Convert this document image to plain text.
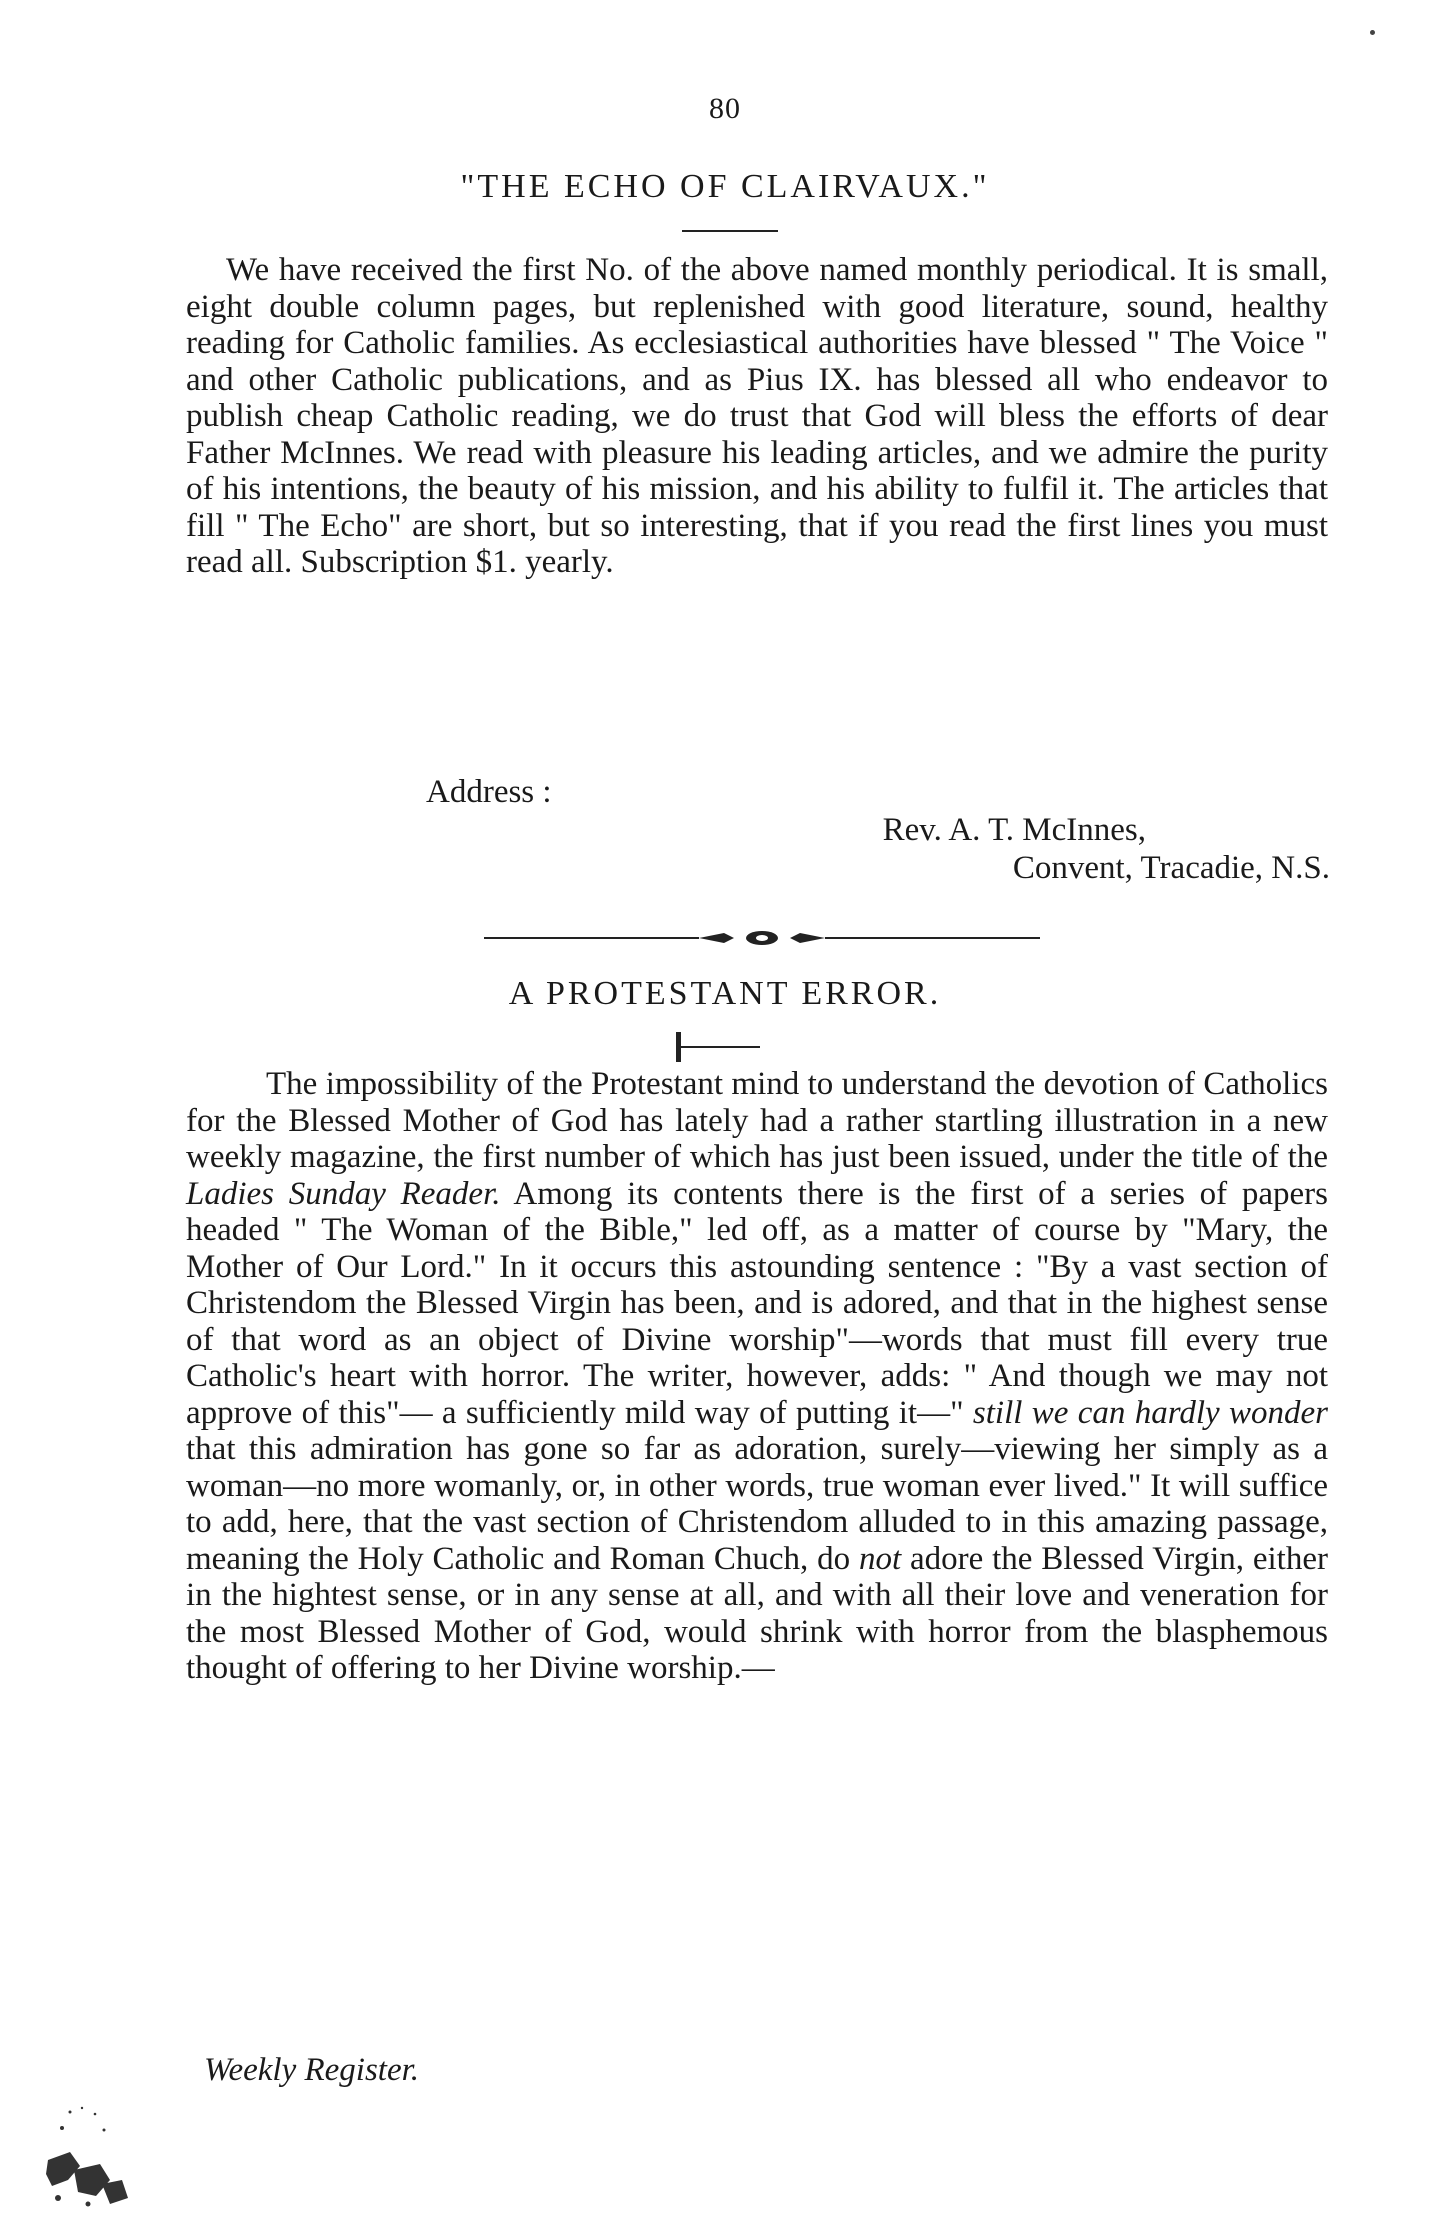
80
"THE ECHO OF CLAIRVAUX."
We have received the first No. of the above named monthly periodical. It is small, eight double column pages, but replenished with good literature, sound, healthy reading for Catholic families. As ecclesiastical authorities have blessed " The Voice " and other Catholic publications, and as Pius IX. has blessed all who endeavor to publish cheap Catholic reading, we do trust that God will bless the efforts of dear Father McInnes. We read with pleasure his leading articles, and we admire the purity of his intentions, the beauty of his mission, and his ability to fulfil it. The articles that fill " The Echo" are short, but so interesting, that if you read the first lines you must read all. Subscription $1. yearly.
Address :
Rev. A. T. McInnes,
Convent, Tracadie, N.S.
A PROTESTANT ERROR.
The impossibility of the Protestant mind to understand the devotion of Catholics for the Blessed Mother of God has lately had a rather startling illustration in a new weekly magazine, the first number of which has just been issued, under the title of the Ladies Sunday Reader. Among its contents there is the first of a series of papers headed " The Woman of the Bible," led off, as a matter of course by "Mary, the Mother of Our Lord." In it occurs this astounding sentence : "By a vast section of Christendom the Blessed Virgin has been, and is adored, and that in the highest sense of that word as an object of Divine worship"—words that must fill every true Catholic's heart with horror. The writer, however, adds: " And though we may not approve of this"— a sufficiently mild way of putting it—" still we can hardly wonder that this admiration has gone so far as adoration, surely—viewing her simply as a woman—no more womanly, or, in other words, true woman ever lived." It will suffice to add, here, that the vast section of Christendom alluded to in this amazing passage, meaning the Holy Catholic and Roman Chuch, do not adore the Blessed Virgin, either in the hightest sense, or in any sense at all, and with all their love and veneration for the most Blessed Mother of God, would shrink with horror from the blasphemous thought of offering to her Divine worship.—
Weekly Register.
